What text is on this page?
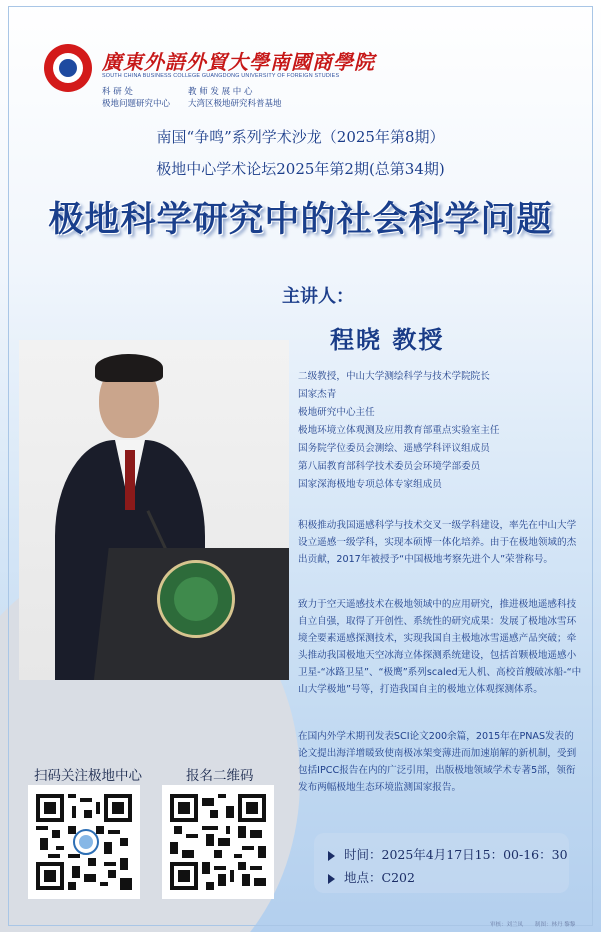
廣東外語外貿大學南國商學院
SOUTH CHINA BUSINESS COLLEGE GUANGDONG UNIVERSITY OF FOREIGN STUDIES
科 研 处	教 师 发 展 中 心
极地问题研究中心 大湾区极地研究科普基地
南国“争鸣”系列学术沙龙（2025年第8期）
极地中心学术论坛2025年第2期(总第34期)
极地科学研究中的社会科学问题
主讲人：
程晓 教授
二级教授，中山大学测绘科学与技术学院院长
国家杰青
极地研究中心主任
极地环境立体观测及应用教育部重点实验室主任
国务院学位委员会测绘、遥感学科评议组成员
第八届教育部科学技术委员会环境学部委员
国家深海极地专项总体专家组成员
积极推动我国遥感科学与技术交叉一级学科建设，率先在中山大学设立遥感一级学科，实现本硕博一体化培养。由于在极地领域的杰出贡献，2017年被授予“中国极地考察先进个人”荣誉称号。
致力于空天遥感技术在极地领域中的应用研究，推进极地遥感科技自立自强，取得了开创性、系统性的研究成果：发展了极地冰雪环境全要素遥感探测技术，实现我国自主极地冰雪遥感产品突破；牵头推动我国极地天空冰海立体探测系统建设，包括首颗极地遥感小卫星-“冰路卫星”、“极鹰”系列scaled无人机、高校首艘破冰船-“中山大学极地”号等，打造我国自主的极地立体观探测体系。
在国内外学术期刊发表SCI论文200余篇，2015年在PNAS发表的论文提出海洋增暖致使南极冰架变薄进而加速崩解的新机制，受到包括IPCC报告在内的广泛引用，出版极地领域学术专著5部，领衔发布两幅极地生态环境监测国家报告。
扫码关注极地中心	报名二维码
时间：2025年4月17日15：00-16：30
地点：C202
审核：刘兰凤 制图：林丹 黎黎
